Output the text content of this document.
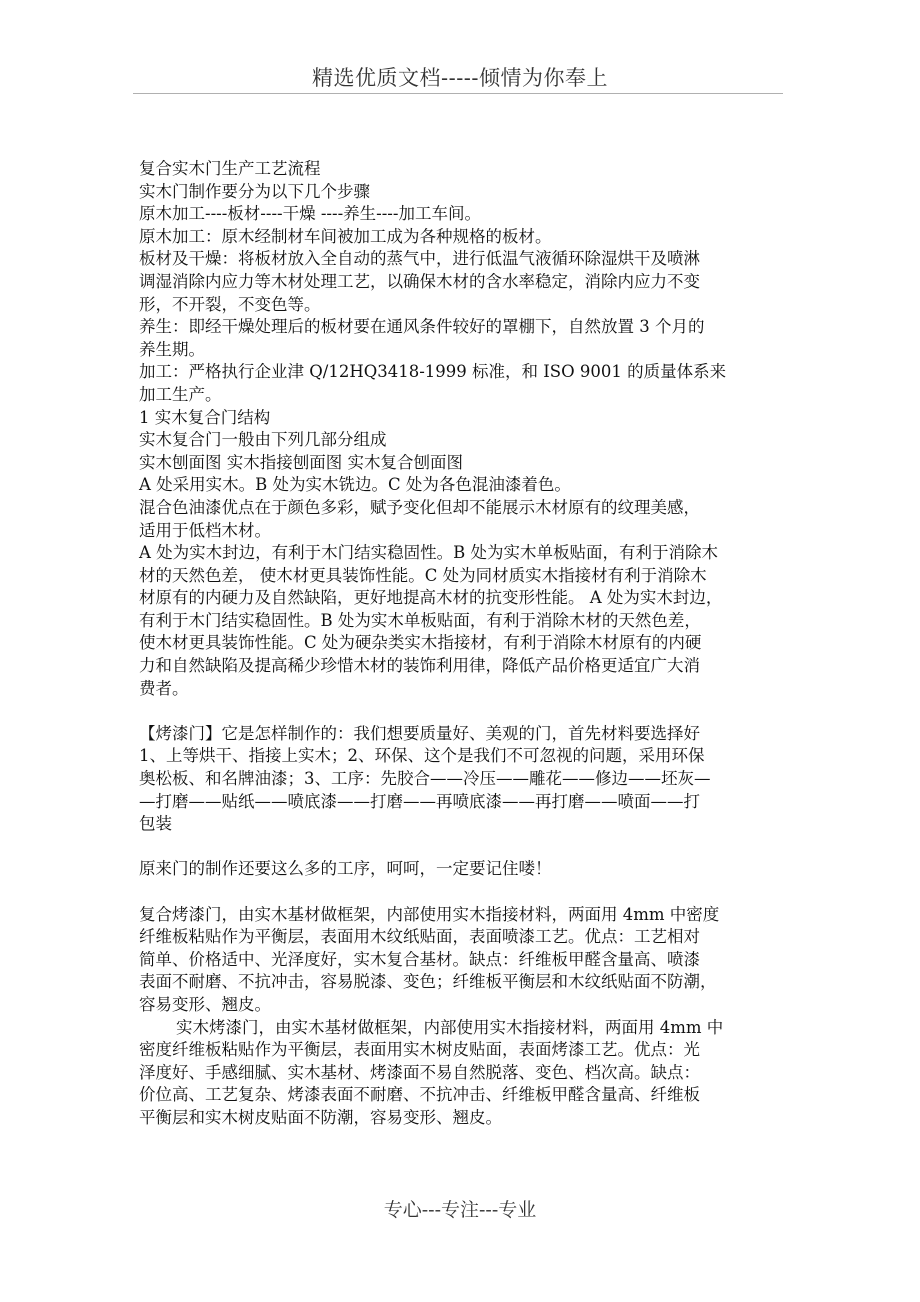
精选优质文档-----倾情为你奉上
复合实木门生产工艺流程
实木门制作要分为以下几个步骤
原木加工----板材----干燥 ----养生----加工车间。
原木加工：原木经制材车间被加工成为各种规格的板材。
板材及干燥：将板材放入全自动的蒸气中，进行低温气液循环除湿烘干及喷淋
调湿消除内应力等木材处理工艺，以确保木材的含水率稳定，消除内应力不变
形，不开裂，不变色等。
养生：即经干燥处理后的板材要在通风条件较好的罩棚下，自然放置 3 个月的
养生期。
加工：严格执行企业津 Q/12HQ3418-1999 标准，和 ISO 9001 的质量体系来
加工生产。
1 实木复合门结构
实木复合门一般由下列几部分组成
实木刨面图 实木指接刨面图 实木复合刨面图
A 处采用实木。B 处为实木铣边。C 处为各色混油漆着色。
混合色油漆优点在于颜色多彩，赋予变化但却不能展示木材原有的纹理美感，
适用于低档木材。
A 处为实木封边，有利于木门结实稳固性。B 处为实木单板贴面，有利于消除木
材的天然色差， 使木材更具装饰性能。C 处为同材质实木指接材有利于消除木
材原有的内硬力及自然缺陷，更好地提高木材的抗变形性能。 A 处为实木封边，
有利于木门结实稳固性。B 处为实木单板贴面，有利于消除木材的天然色差，
使木材更具装饰性能。C 处为硬杂类实木指接材，有利于消除木材原有的内硬
力和自然缺陷及提高稀少珍惜木材的装饰利用律，降低产品价格更适宜广大消
费者。
【烤漆门】它是怎样制作的：我们想要质量好、美观的门，首先材料要选择好
1、上等烘干、指接上实木；2、环保、这个是我们不可忽视的问题，采用环保
奥松板、和名牌油漆；3、工序：先胶合——冷压——雕花——修边——坯灰—
—打磨——贴纸——喷底漆——打磨——再喷底漆——再打磨——喷面——打
包装
原来门的制作还要这么多的工序，呵呵，一定要记住喽！
复合烤漆门，由实木基材做框架，内部使用实木指接材料，两面用 4mm 中密度
纤维板粘贴作为平衡层，表面用木纹纸贴面，表面喷漆工艺。优点：工艺相对
简单、价格适中、光泽度好，实木复合基材。缺点：纤维板甲醛含量高、喷漆
表面不耐磨、不抗冲击，容易脱漆、变色；纤维板平衡层和木纹纸贴面不防潮，
容易变形、翘皮。
实木烤漆门，由实木基材做框架，内部使用实木指接材料，两面用 4mm 中
密度纤维板粘贴作为平衡层，表面用实木树皮贴面，表面烤漆工艺。优点：光
泽度好、手感细腻、实木基材、烤漆面不易自然脱落、变色、档次高。缺点：
价位高、工艺复杂、烤漆表面不耐磨、不抗冲击、纤维板甲醛含量高、纤维板
平衡层和实木树皮贴面不防潮，容易变形、翘皮。
专心---专注---专业
